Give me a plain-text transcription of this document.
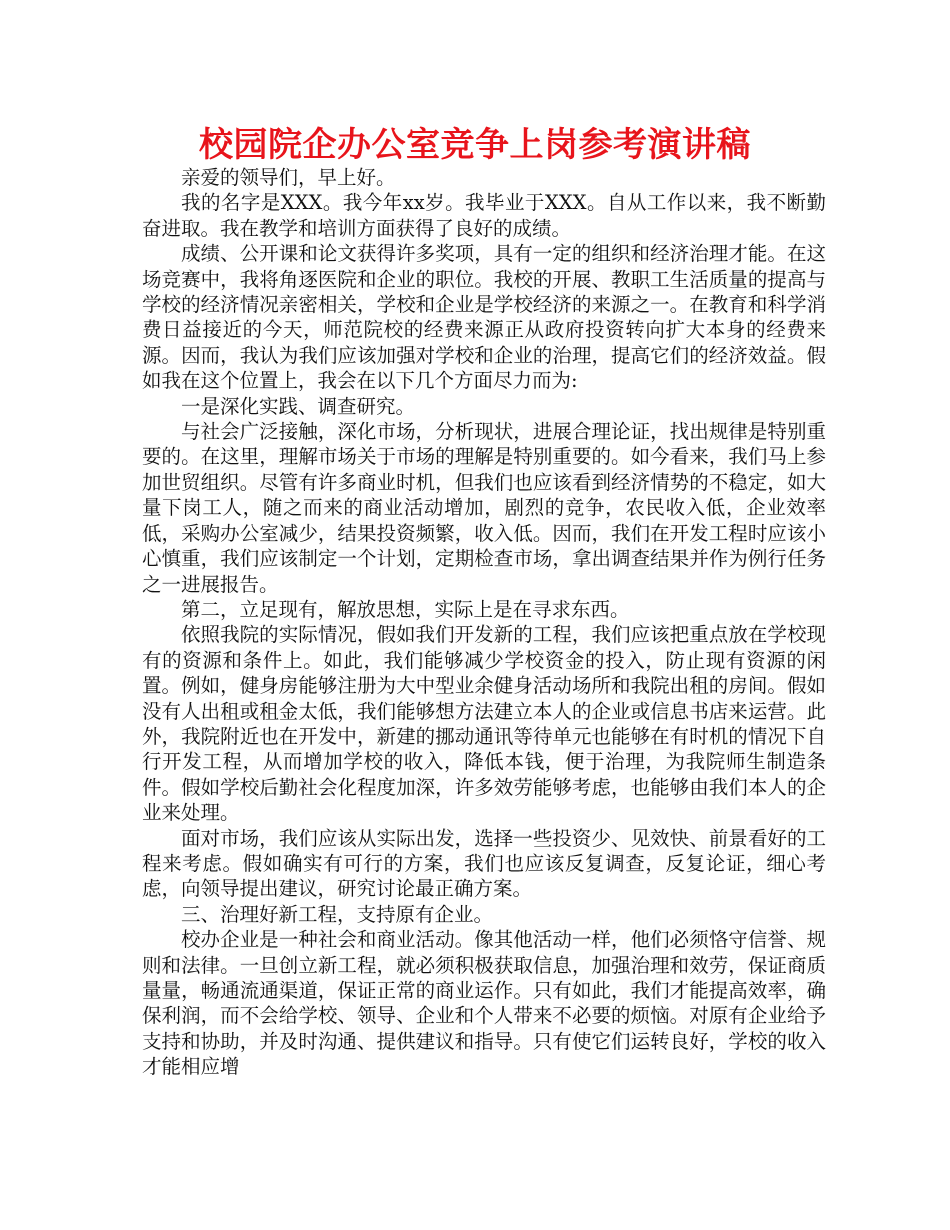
校园院企办公室竞争上岗参考演讲稿

亲爱的领导们，早上好。

我的名字是XXX。我今年xx岁。我毕业于XXX。自从工作以来，我不断勤奋进取。我在教学和培训方面获得了良好的成绩。

成绩、公开课和论文获得许多奖项，具有一定的组织和经济治理才能。在这场竞赛中，我将角逐医院和企业的职位。我校的开展、教职工生活质量的提高与学校的经济情况亲密相关，学校和企业是学校经济的来源之一。在教育和科学消费日益接近的今天，师范院校的经费来源正从政府投资转向扩大本身的经费来源。因而，我认为我们应该加强对学校和企业的治理，提高它们的经济效益。假如我在这个位置上，我会在以下几个方面尽力而为:

一是深化实践、调查研究。

与社会广泛接触，深化市场，分析现状，进展合理论证，找出规律是特别重要的。在这里，理解市场关于市场的理解是特别重要的。如今看来，我们马上参加世贸组织。尽管有许多商业时机，但我们也应该看到经济情势的不稳定，如大量下岗工人，随之而来的商业活动增加，剧烈的竞争，农民收入低，企业效率低，采购办公室减少，结果投资频繁，收入低。因而，我们在开发工程时应该小心慎重，我们应该制定一个计划，定期检查市场，拿出调查结果并作为例行任务之一进展报告。

第二，立足现有，解放思想，实际上是在寻求东西。

依照我院的实际情况，假如我们开发新的工程，我们应该把重点放在学校现有的资源和条件上。如此，我们能够减少学校资金的投入，防止现有资源的闲置。例如，健身房能够注册为大中型业余健身活动场所和我院出租的房间。假如没有人出租或租金太低，我们能够想方法建立本人的企业或信息书店来运营。此外，我院附近也在开发中，新建的挪动通讯等待单元也能够在有时机的情况下自行开发工程，从而增加学校的收入，降低本钱，便于治理，为我院师生制造条件。假如学校后勤社会化程度加深，许多效劳能够考虑，也能够由我们本人的企业来处理。

面对市场，我们应该从实际出发，选择一些投资少、见效快、前景看好的工程来考虑。假如确实有可行的方案，我们也应该反复调查，反复论证，细心考虑，向领导提出建议，研究讨论最正确方案。

三、治理好新工程，支持原有企业。

校办企业是一种社会和商业活动。像其他活动一样，他们必须恪守信誉、规则和法律。一旦创立新工程，就必须积极获取信息，加强治理和效劳，保证商质量量，畅通流通渠道，保证正常的商业运作。只有如此，我们才能提高效率，确保利润，而不会给学校、领导、企业和个人带来不必要的烦恼。对原有企业给予支持和协助，并及时沟通、提供建议和指导。只有使它们运转良好，学校的收入才能相应增
